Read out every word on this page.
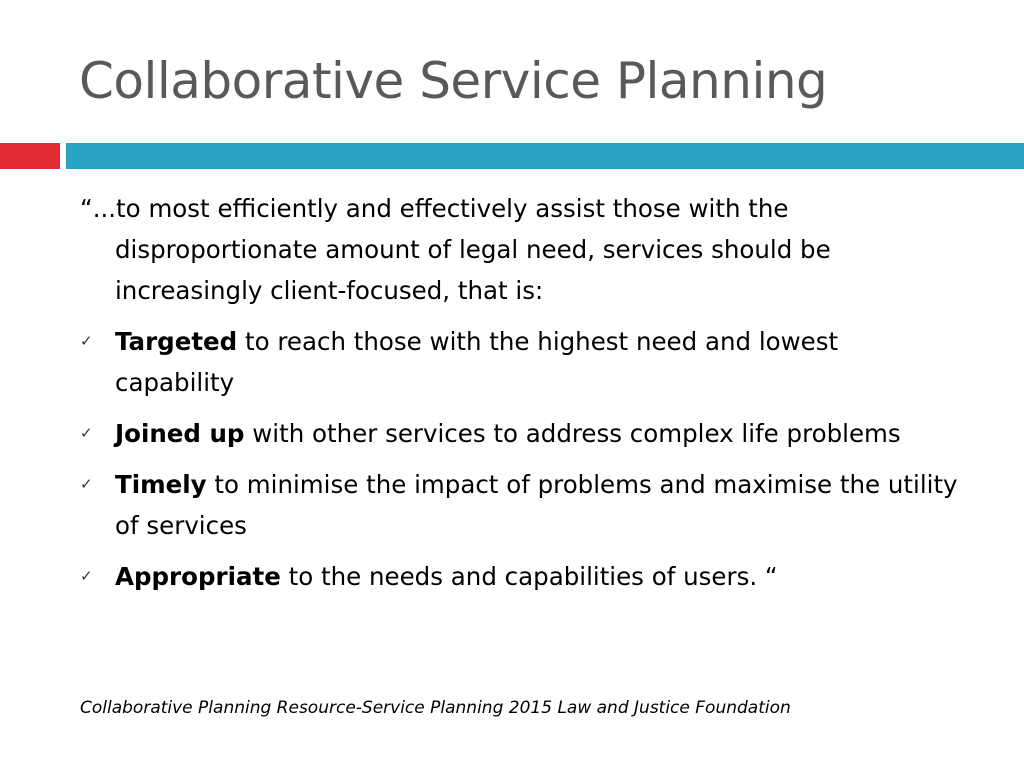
Collaborative Service Planning

“...to most efficiently and effectively assist those with the disproportionate amount of legal need, services should be increasingly client-focused, that is:

✓ Targeted to reach those with the highest need and lowest capability
✓ Joined up with other services to address complex life problems
✓ Timely to minimise the impact of problems and maximise the utility of services
✓ Appropriate to the needs and capabilities of users. “
Collaborative Planning Resource-Service Planning 2015 Law and Justice Foundation
